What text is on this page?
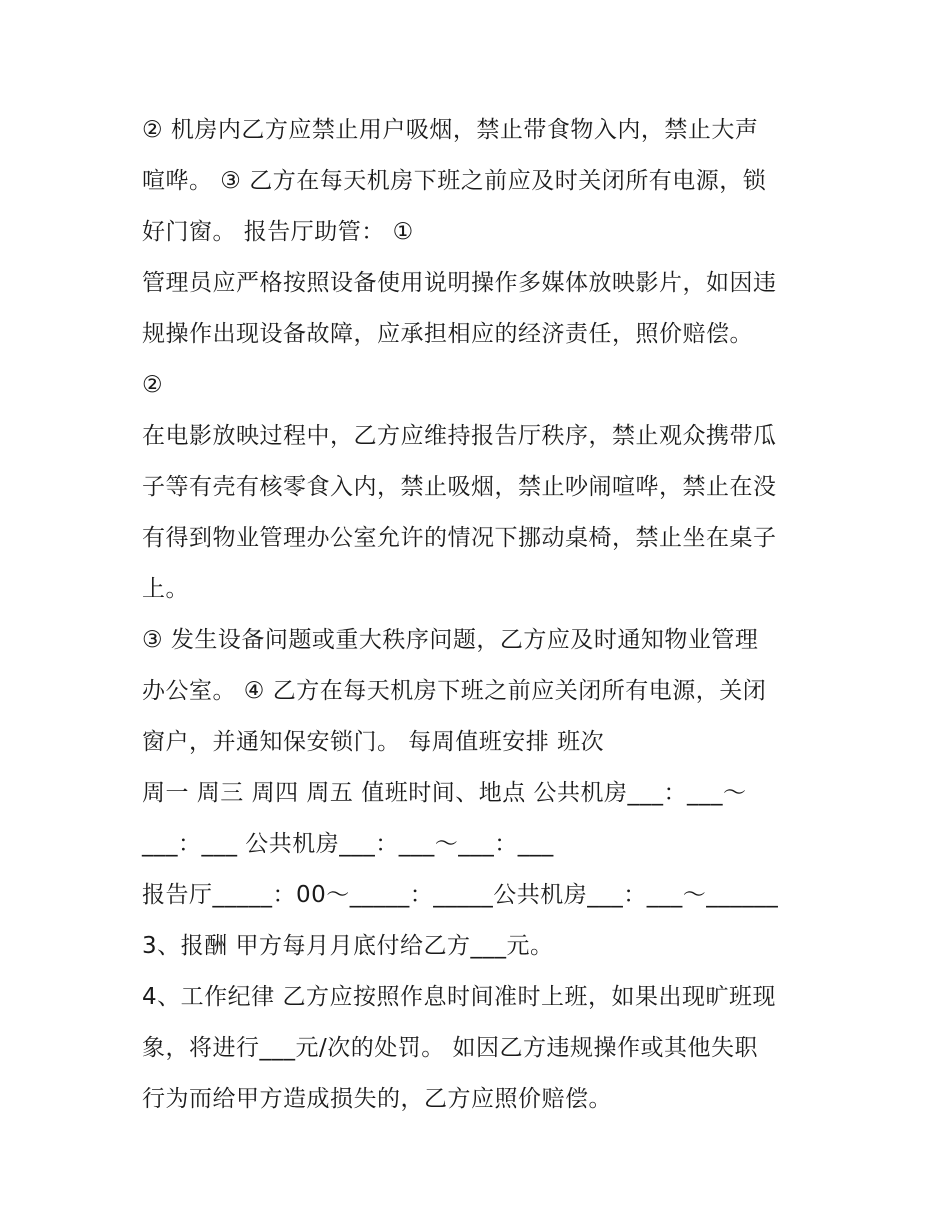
② 机房内乙方应禁止用户吸烟，禁止带食物入内，禁止大声
喧哗。 ③ 乙方在每天机房下班之前应及时关闭所有电源，锁
好门窗。 报告厅助管： ①
管理员应严格按照设备使用说明操作多媒体放映影片，如因违
规操作出现设备故障，应承担相应的经济责任，照价赔偿。
②
在电影放映过程中，乙方应维持报告厅秩序，禁止观众携带瓜
子等有壳有核零食入内，禁止吸烟，禁止吵闹喧哗，禁止在没
有得到物业管理办公室允许的情况下挪动桌椅，禁止坐在桌子
上。
③ 发生设备问题或重大秩序问题，乙方应及时通知物业管理
办公室。 ④ 乙方在每天机房下班之前应关闭所有电源，关闭
窗户，并通知保安锁门。 每周值班安排 班次
周一 周三 周四 周五 值班时间、地点 公共机房___：___～
___：___ 公共机房___：___～___：___
报告厅_____：00～_____：_____公共机房___：___～______
3、报酬 甲方每月月底付给乙方___元。
4、工作纪律 乙方应按照作息时间准时上班，如果出现旷班现
象，将进行___元/次的处罚。 如因乙方违规操作或其他失职
行为而给甲方造成损失的，乙方应照价赔偿。
